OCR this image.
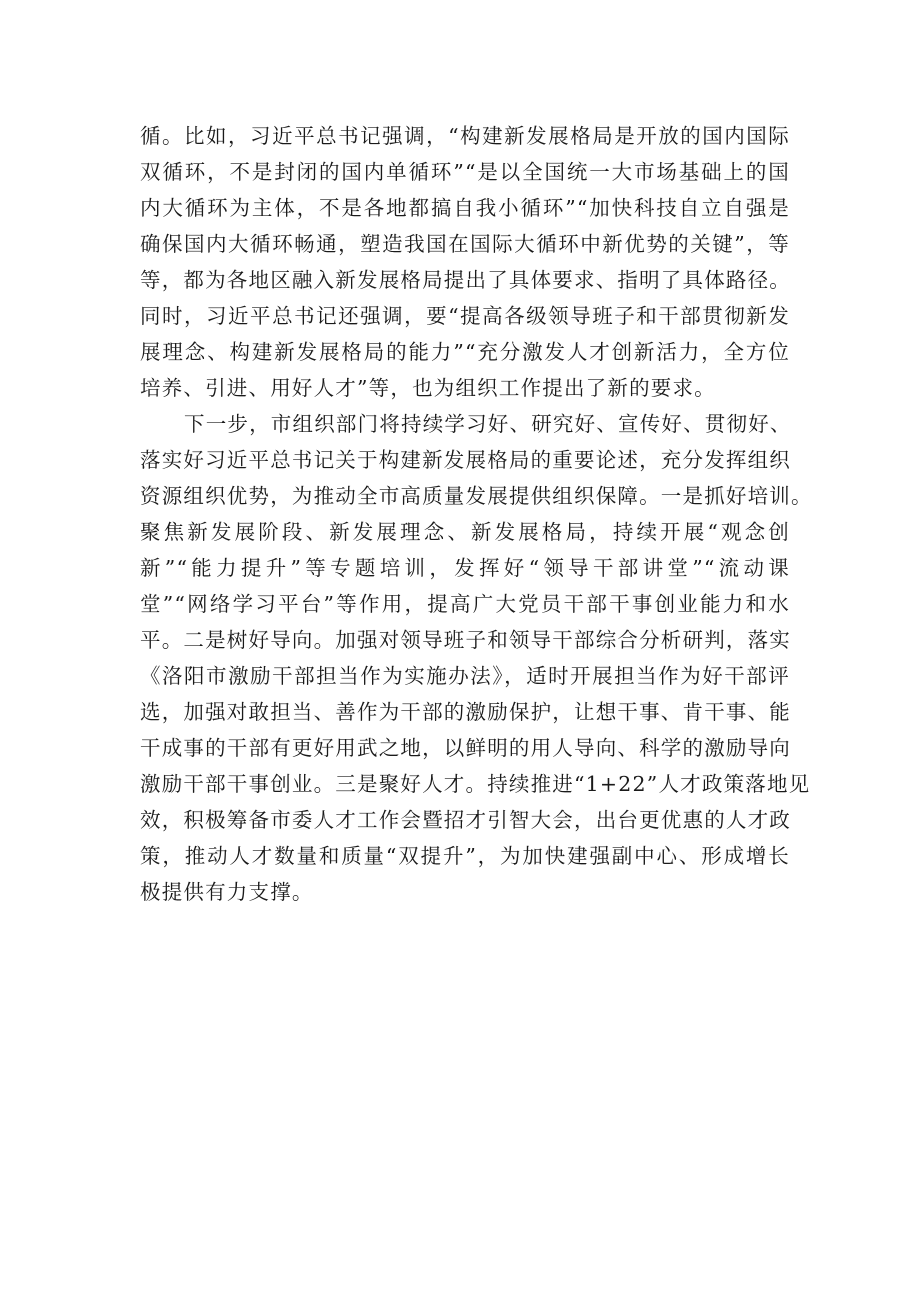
循。比如，习近平总书记强调，“构建新发展格局是开放的国内国际

双循环，不是封闭的国内单循环”“是以全国统一大市场基础上的国

内大循环为主体，不是各地都搞自我小循环”“加快科技自立自强是

确保国内大循环畅通，塑造我国在国际大循环中新优势的关键”，等

等，都为各地区融入新发展格局提出了具体要求、指明了具体路径。

同时，习近平总书记还强调，要“提高各级领导班子和干部贯彻新发

展理念、构建新发展格局的能力”“充分激发人才创新活力，全方位

培养、引进、用好人才”等，也为组织工作提出了新的要求。

下一步，市组织部门将持续学习好、研究好、宣传好、贯彻好、

落实好习近平总书记关于构建新发展格局的重要论述，充分发挥组织

资源组织优势，为推动全市高质量发展提供组织保障。一是抓好培训。

聚焦新发展阶段、新发展理念、新发展格局，持续开展“观念创

新”“能力提升”等专题培训，发挥好“领导干部讲堂”“流动课

堂”“网络学习平台”等作用，提高广大党员干部干事创业能力和水

平。二是树好导向。加强对领导班子和领导干部综合分析研判，落实

《洛阳市激励干部担当作为实施办法》，适时开展担当作为好干部评

选，加强对敢担当、善作为干部的激励保护，让想干事、肯干事、能

干成事的干部有更好用武之地，以鲜明的用人导向、科学的激励导向

激励干部干事创业。三是聚好人才。持续推进“1+22”人才政策落地见

效，积极筹备市委人才工作会暨招才引智大会，出台更优惠的人才政

策，推动人才数量和质量“双提升”，为加快建强副中心、形成增长

极提供有力支撑。
